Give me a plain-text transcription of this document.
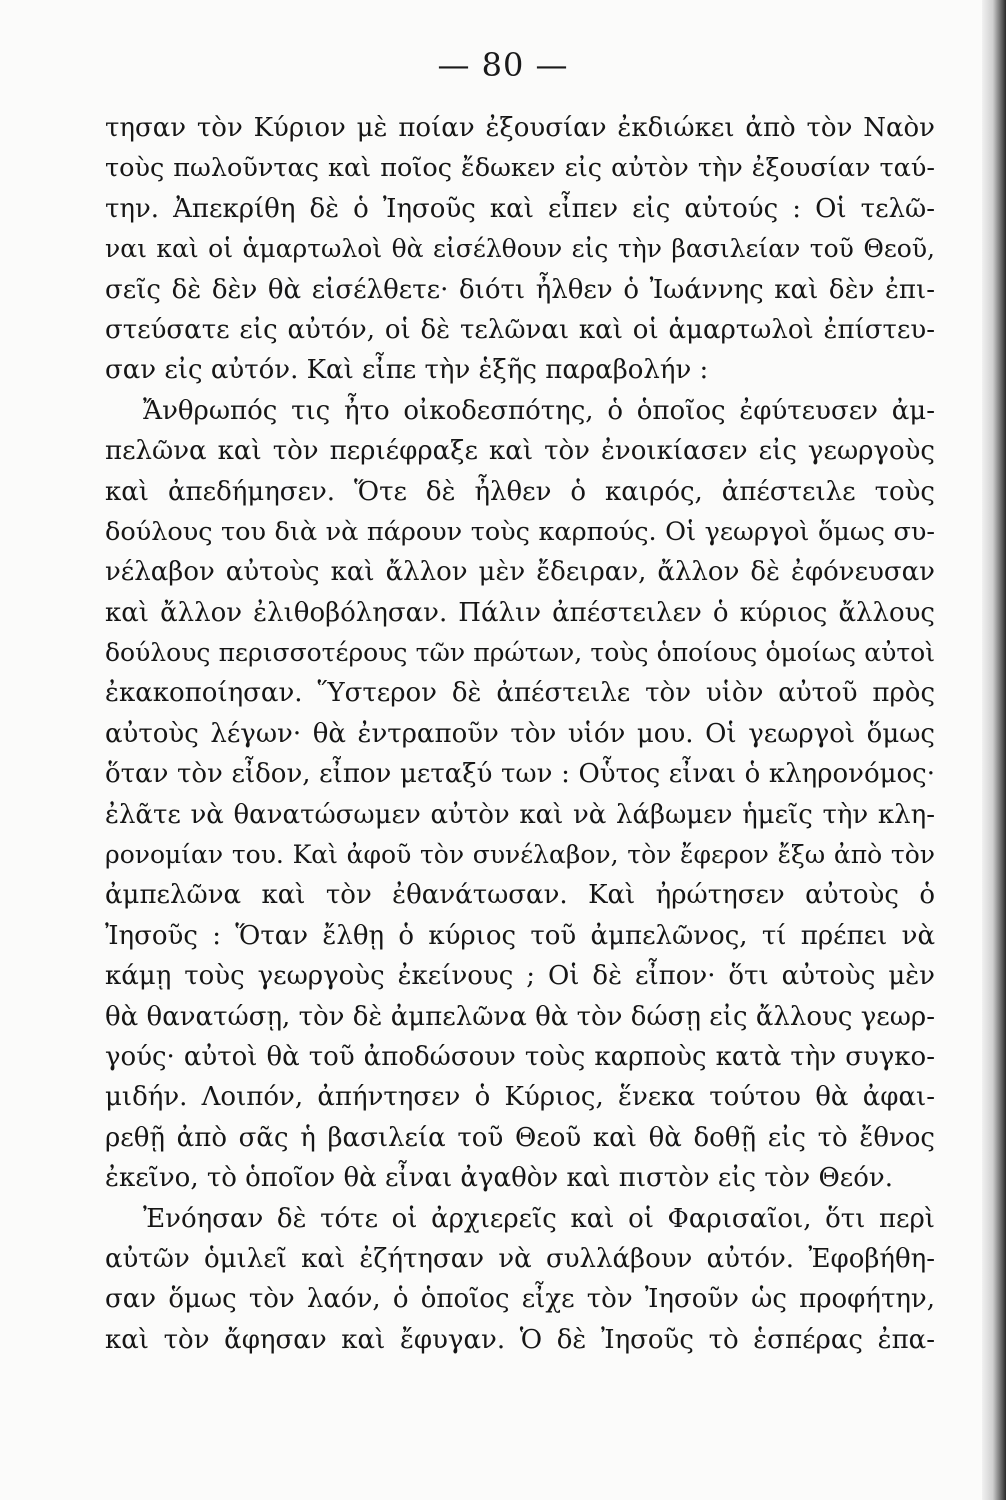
— 80 —
τησαν τὸν Κύριον μὲ ποίαν ἐξουσίαν ἐκδιώκει ἀπὸ τὸν Ναὸν
τοὺς πωλοῦντας καὶ ποῖος ἔδωκεν εἰς αὐτὸν τὴν ἐξουσίαν ταύ-
την. Ἀπεκρίθη δὲ ὁ Ἰησοῦς καὶ εἶπεν εἰς αὐτούς : Οἱ τελῶ-
ναι καὶ οἱ ἁμαρτωλοὶ θὰ εἰσέλθουν εἰς τὴν βασιλείαν τοῦ Θεοῦ,
σεῖς δὲ δὲν θὰ εἰσέλθετε· διότι ἦλθεν ὁ Ἰωάννης καὶ δὲν ἐπι-
στεύσατε εἰς αὐτόν, οἱ δὲ τελῶναι καὶ οἱ ἁμαρτωλοὶ ἐπίστευ-
σαν εἰς αὐτόν. Καὶ εἶπε τὴν ἑξῆς παραβολήν :
Ἄνθρωπός τις ἦτο οἰκοδεσπότης, ὁ ὁποῖος ἐφύτευσεν ἀμ-
πελῶνα καὶ τὸν περιέφραξε καὶ τὸν ἐνοικίασεν εἰς γεωργοὺς
καὶ ἀπεδήμησεν. Ὅτε δὲ ἦλθεν ὁ καιρός, ἀπέστειλε τοὺς
δούλους του διὰ νὰ πάρουν τοὺς καρπούς. Οἱ γεωργοὶ ὅμως συ-
νέλαβον αὐτοὺς καὶ ἄλλον μὲν ἔδειραν, ἄλλον δὲ ἐφόνευσαν
καὶ ἄλλον ἐλιθοβόλησαν. Πάλιν ἀπέστειλεν ὁ κύριος ἄλλους
δούλους περισσοτέρους τῶν πρώτων, τοὺς ὁποίους ὁμοίως αὐτοὶ
ἐκακοποίησαν. Ὕστερον δὲ ἀπέστειλε τὸν υἱὸν αὐτοῦ πρὸς
αὐτοὺς λέγων· θὰ ἐντραποῦν τὸν υἱόν μου. Οἱ γεωργοὶ ὅμως
ὅταν τὸν εἶδον, εἶπον μεταξύ των : Οὗτος εἶναι ὁ κληρονόμος·
ἐλᾶτε νὰ θανατώσωμεν αὐτὸν καὶ νὰ λάβωμεν ἡμεῖς τὴν κλη-
ρονομίαν του. Καὶ ἀφοῦ τὸν συνέλαβον, τὸν ἔφερον ἔξω ἀπὸ τὸν
ἀμπελῶνα καὶ τὸν ἐθανάτωσαν. Καὶ ἠρώτησεν αὐτοὺς ὁ
Ἰησοῦς : Ὅταν ἔλθῃ ὁ κύριος τοῦ ἀμπελῶνος, τί πρέπει νὰ
κάμῃ τοὺς γεωργοὺς ἐκείνους ; Οἱ δὲ εἶπον· ὅτι αὐτοὺς μὲν
θὰ θανατώσῃ, τὸν δὲ ἀμπελῶνα θὰ τὸν δώσῃ εἰς ἄλλους γεωρ-
γούς· αὐτοὶ θὰ τοῦ ἀποδώσουν τοὺς καρποὺς κατὰ τὴν συγκο-
μιδήν. Λοιπόν, ἀπήντησεν ὁ Κύριος, ἕνεκα τούτου θὰ ἀφαι-
ρεθῇ ἀπὸ σᾶς ἡ βασιλεία τοῦ Θεοῦ καὶ θὰ δοθῇ εἰς τὸ ἔθνος
ἐκεῖνο, τὸ ὁποῖον θὰ εἶναι ἀγαθὸν καὶ πιστὸν εἰς τὸν Θεόν.
Ἐνόησαν δὲ τότε οἱ ἀρχιερεῖς καὶ οἱ Φαρισαῖοι, ὅτι περὶ
αὐτῶν ὁμιλεῖ καὶ ἐζήτησαν νὰ συλλάβουν αὐτόν. Ἐφοβήθη-
σαν ὅμως τὸν λαόν, ὁ ὁποῖος εἶχε τὸν Ἰησοῦν ὡς προφήτην,
καὶ τὸν ἄφησαν καὶ ἔφυγαν. Ὁ δὲ Ἰησοῦς τὸ ἑσπέρας ἐπα-
